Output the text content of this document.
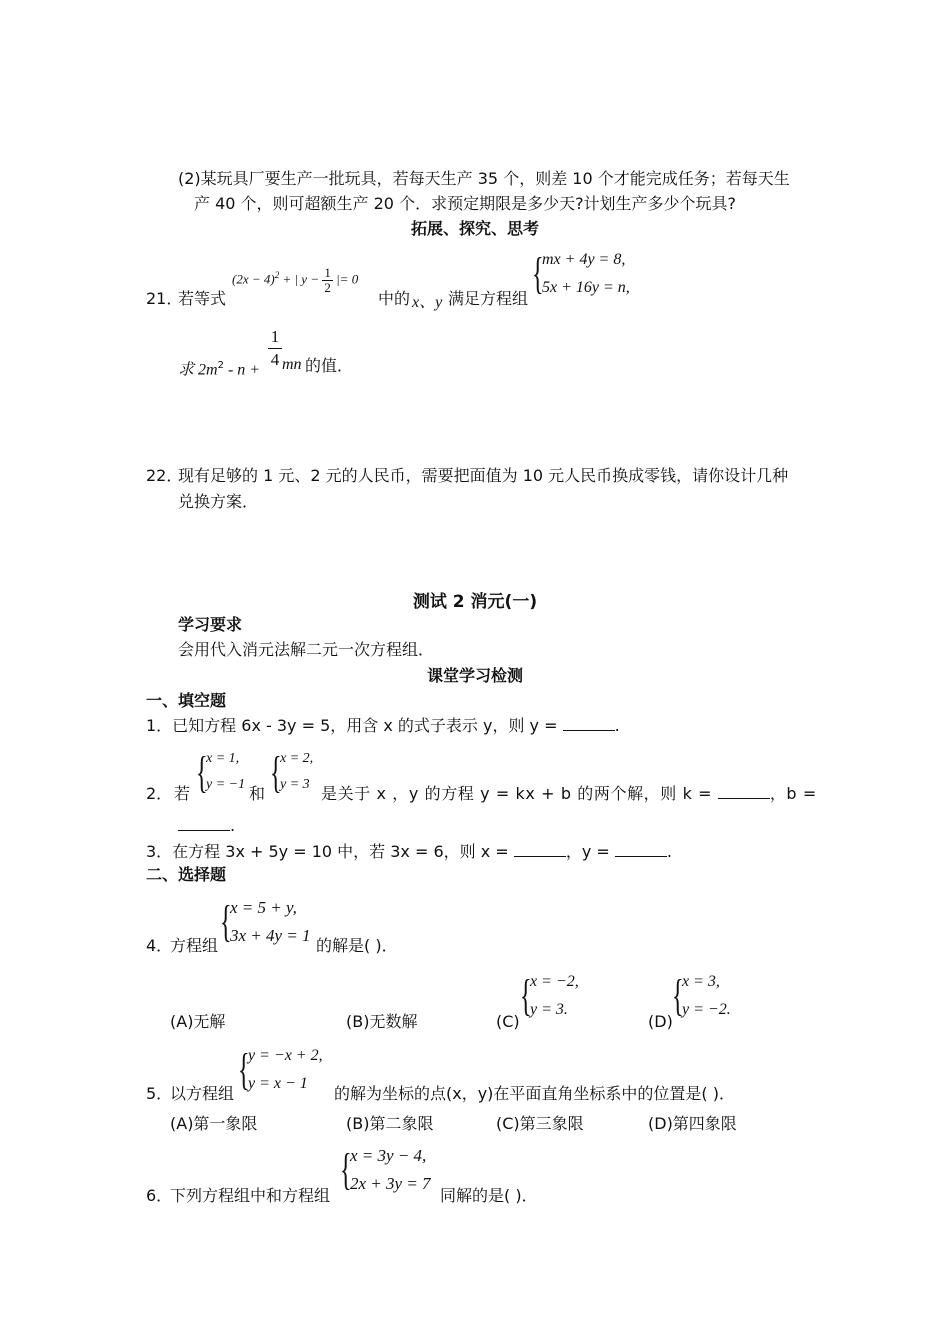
(2)某玩具厂要生产一批玩具，若每天生产 35 个，则差 10 个才能完成任务；若每天生
产 40 个，则可超额生产 20 个．求预定期限是多少天?计划生产多少个玩具?
拓展、探究、思考
$(2x - 4)^2$ + | $y - \frac{1}{2}$ |= 0
21．
若等式	中的 x、y 满足方程组
{
mx + 4y = 8,
5x + 16y = n,
求 $2m^2$ - n +
1
4 mn 的值．
22．
现有足够的 1 元、2 元的人民币，需要把面值为 10 元人民币换成零钱，请你设计几种
兑换方案．
测试 2 消元(一)
学习要求
会用代入消元法解二元一次方程组．
课堂学习检测
一、填空题
1．已知方程 6x - 3y = 5，用含 x 的式子表示 y，则 y =	.
2． 若 {
x = 1,
y = −1 和 {
x = 2,
y = 3 是关于 x ，y 的方程 y = kx + b 的两个解，则 k =	，b =
.
3．在方程 3x + 5y = 10 中，若 3x = 6，则 x =	，y =	.
二、选择题
4．
方程组 {
x = 5 + y,
3x + 4y = 1
的解是( )．
(A)无解	(B)无数解	(C)
{
x = −2,
y = 3.
(D)
{
x = 3,
y = −2.
5．
以方程组 {
y = −x + 2,
y = x − 1
的解为坐标的点(x，y)在平面直角坐标系中的位置是( )．
(A)第一象限	(B)第二象限	(C)第三象限	(D)第四象限
6．
下列方程组中和方程组
{
x = 3y − 4,
2x + 3y = 7
同解的是( )．
